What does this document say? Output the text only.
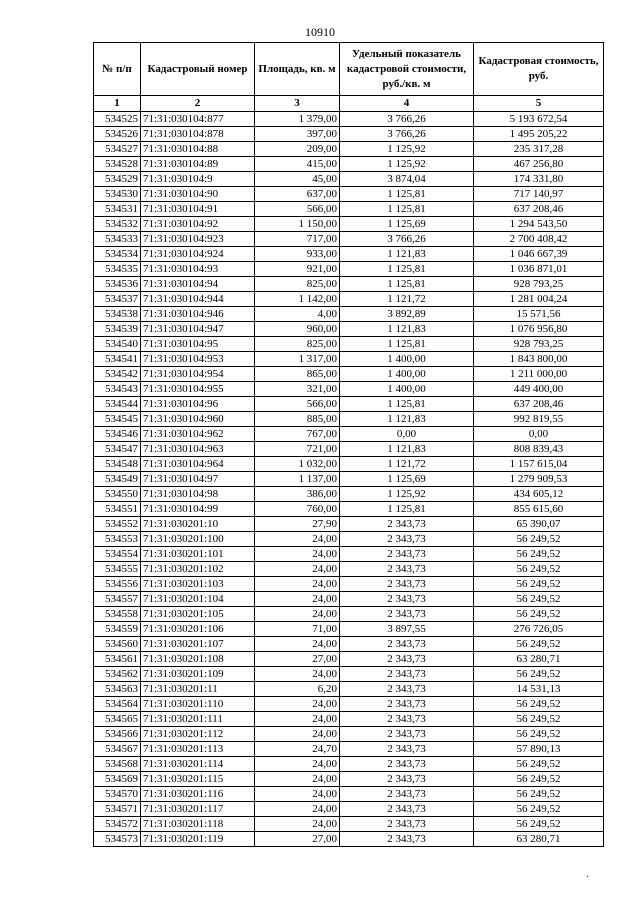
10910
№ п/п	Кадастровый номер	Площадь, кв. м	Удельный показатель кадастровой стоимости, руб./кв. м	Кадастровая стоимость, руб.
1	2	3	4	5
534525	71:31:030104:877	1 379,00	3 766,26	5 193 672,54
534526	71:31:030104:878	397,00	3 766,26	1 495 205,22
534527	71:31:030104:88	209,00	1 125,92	235 317,28
534528	71:31:030104:89	415,00	1 125,92	467 256,80
534529	71:31:030104:9	45,00	3 874,04	174 331,80
534530	71:31:030104:90	637,00	1 125,81	717 140,97
534531	71:31:030104:91	566,00	1 125,81	637 208,46
534532	71:31:030104:92	1 150,00	1 125,69	1 294 543,50
534533	71:31:030104:923	717,00	3 766,26	2 700 408,42
534534	71:31:030104:924	933,00	1 121,83	1 046 667,39
534535	71:31:030104:93	921,00	1 125,81	1 036 871,01
534536	71:31:030104:94	825,00	1 125,81	928 793,25
534537	71:31:030104:944	1 142,00	1 121,72	1 281 004,24
534538	71:31:030104:946	4,00	3 892,89	15 571,56
534539	71:31:030104:947	960,00	1 121,83	1 076 956,80
534540	71:31:030104:95	825,00	1 125,81	928 793,25
534541	71:31:030104:953	1 317,00	1 400,00	1 843 800,00
534542	71:31:030104:954	865,00	1 400,00	1 211 000,00
534543	71:31:030104:955	321,00	1 400,00	449 400,00
534544	71:31:030104:96	566,00	1 125,81	637 208,46
534545	71:31:030104:960	885,00	1 121,83	992 819,55
534546	71:31:030104:962	767,00	0,00	0,00
534547	71:31:030104:963	721,00	1 121,83	808 839,43
534548	71:31:030104:964	1 032,00	1 121,72	1 157 615,04
534549	71:31:030104:97	1 137,00	1 125,69	1 279 909,53
534550	71:31:030104:98	386,00	1 125,92	434 605,12
534551	71:31:030104:99	760,00	1 125,81	855 615,60
534552	71:31:030201:10	27,90	2 343,73	65 390,07
534553	71:31:030201:100	24,00	2 343,73	56 249,52
534554	71:31:030201:101	24,00	2 343,73	56 249,52
534555	71:31:030201:102	24,00	2 343,73	56 249,52
534556	71:31:030201:103	24,00	2 343,73	56 249,52
534557	71:31:030201:104	24,00	2 343,73	56 249,52
534558	71:31:030201:105	24,00	2 343,73	56 249,52
534559	71:31:030201:106	71,00	3 897,55	276 726,05
534560	71:31:030201:107	24,00	2 343,73	56 249,52
534561	71:31:030201:108	27,00	2 343,73	63 280,71
534562	71:31:030201:109	24,00	2 343,73	56 249,52
534563	71:31:030201:11	6,20	2 343,73	14 531,13
534564	71:31:030201:110	24,00	2 343,73	56 249,52
534565	71:31:030201:111	24,00	2 343,73	56 249,52
534566	71:31:030201:112	24,00	2 343,73	56 249,52
534567	71:31:030201:113	24,70	2 343,73	57 890,13
534568	71:31:030201:114	24,00	2 343,73	56 249,52
534569	71:31:030201:115	24,00	2 343,73	56 249,52
534570	71:31:030201:116	24,00	2 343,73	56 249,52
534571	71:31:030201:117	24,00	2 343,73	56 249,52
534572	71:31:030201:118	24,00	2 343,73	56 249,52
534573	71:31:030201:119	27,00	2 343,73	63 280,71
·
